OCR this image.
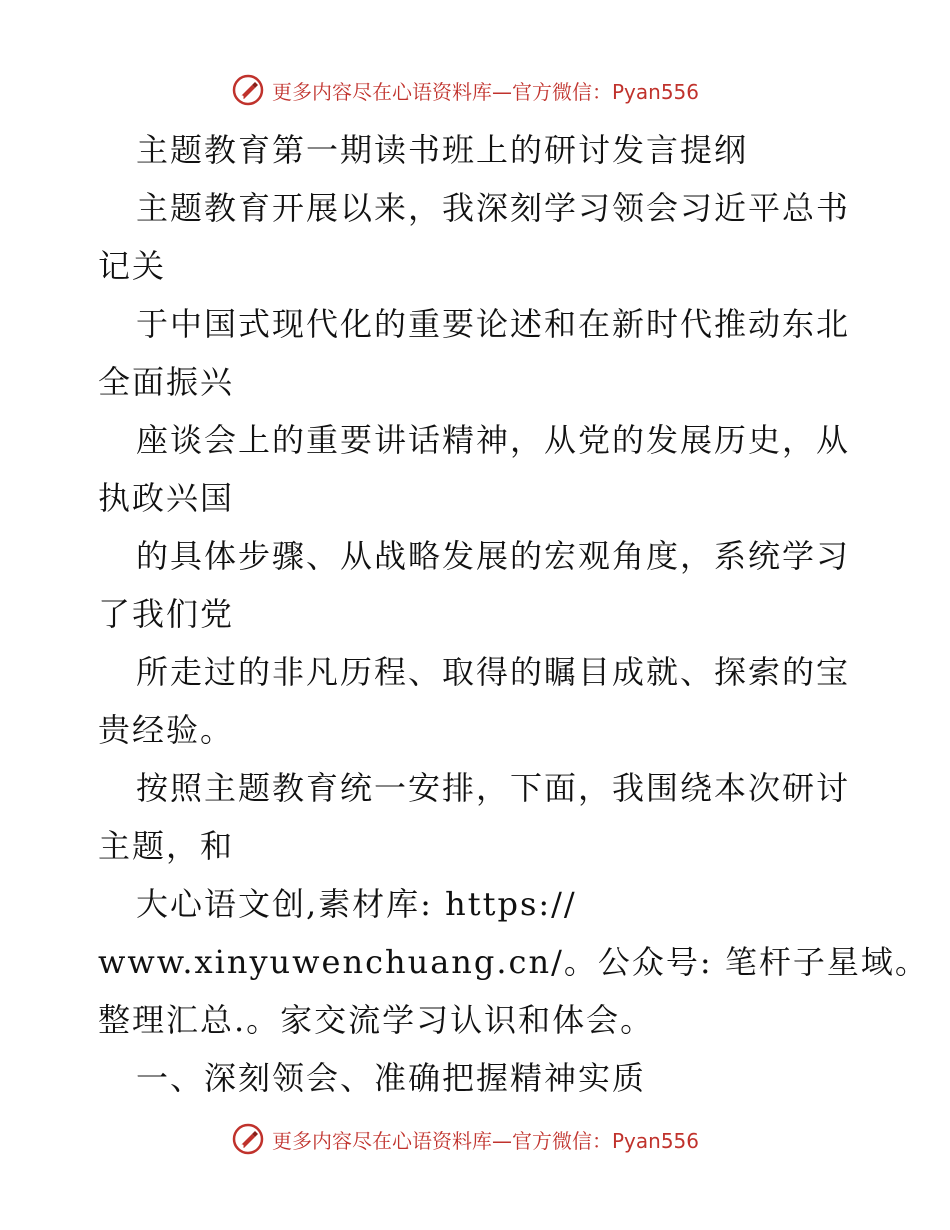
更多内容尽在心语资料库—官方微信：Pyan556
主题教育第一期读书班上的研讨发言提纲
主题教育开展以来，我深刻学习领会习近平总书
记关
于中国式现代化的重要论述和在新时代推动东北
全面振兴
座谈会上的重要讲话精神，从党的发展历史，从
执政兴国
的具体步骤、从战略发展的宏观角度，系统学习
了我们党
所走过的非凡历程、取得的瞩目成就、探索的宝
贵经验。
按照主题教育统一安排，下面，我围绕本次研讨
主题，和
大心语文创,素材库: https://
www.xinyuwenchuang.cn/。公众号: 笔杆子星域。
整理汇总.。家交流学习认识和体会。
一、深刻领会、准确把握精神实质
更多内容尽在心语资料库—官方微信：Pyan556
